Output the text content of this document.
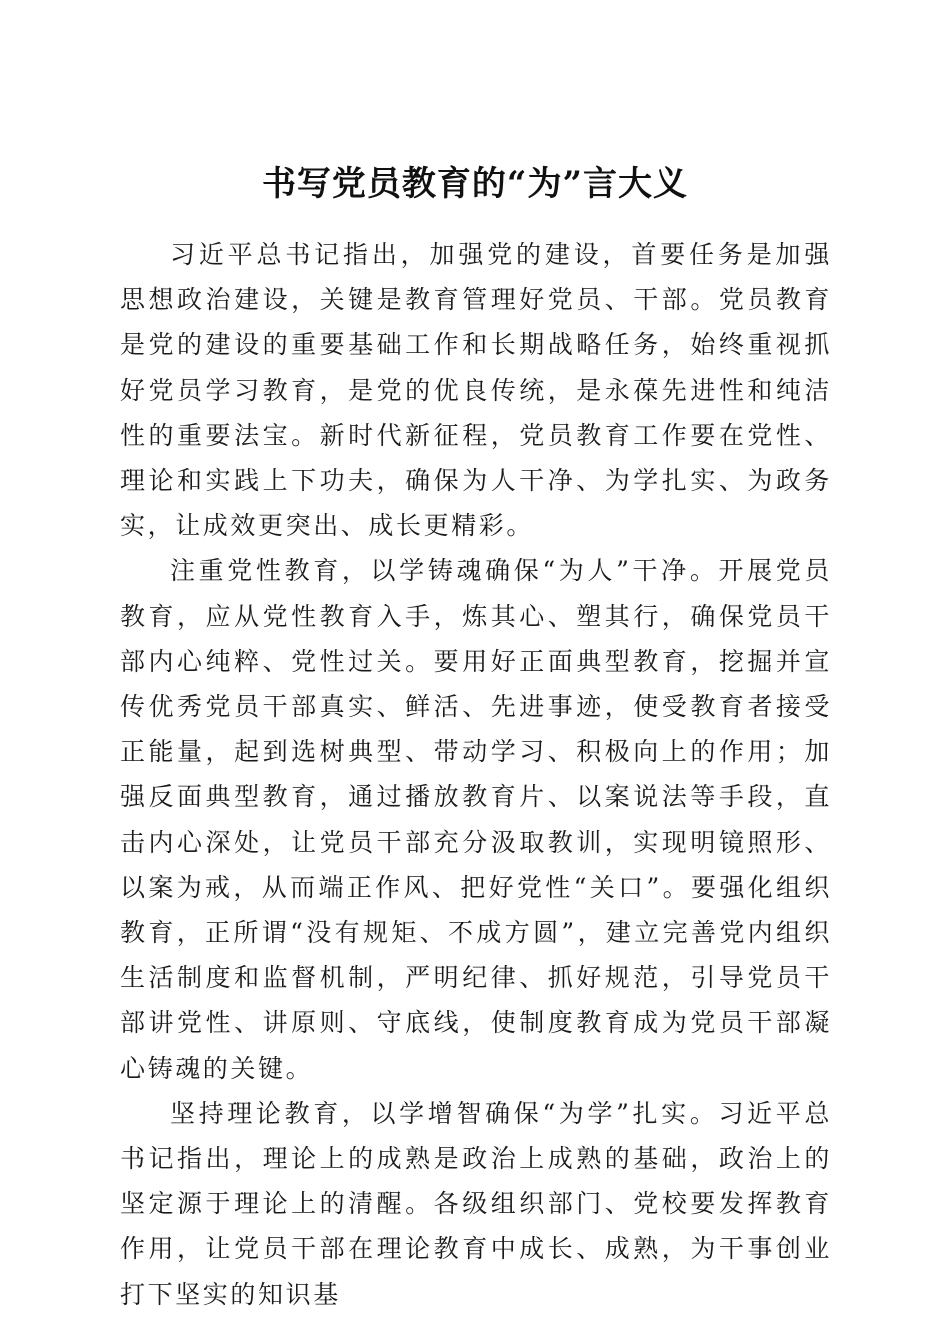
书写党员教育的“为”言大义

习近平总书记指出，加强党的建设，首要任务是加强思想政治建设，关键是教育管理好党员、干部。党员教育是党的建设的重要基础工作和长期战略任务，始终重视抓好党员学习教育，是党的优良传统，是永葆先进性和纯洁性的重要法宝。新时代新征程，党员教育工作要在党性、理论和实践上下功夫，确保为人干净、为学扎实、为政务实，让成效更突出、成长更精彩。

注重党性教育，以学铸魂确保“为人”干净。开展党员教育，应从党性教育入手，炼其心、塑其行，确保党员干部内心纯粹、党性过关。要用好正面典型教育，挖掘并宣传优秀党员干部真实、鲜活、先进事迹，使受教育者接受正能量，起到选树典型、带动学习、积极向上的作用；加强反面典型教育，通过播放教育片、以案说法等手段，直击内心深处，让党员干部充分汲取教训，实现明镜照形、以案为戒，从而端正作风、把好党性“关口”。要强化组织教育，正所谓“没有规矩、不成方圆”，建立完善党内组织生活制度和监督机制，严明纪律、抓好规范，引导党员干部讲党性、讲原则、守底线，使制度教育成为党员干部凝心铸魂的关键。

坚持理论教育，以学增智确保“为学”扎实。习近平总书记指出，理论上的成熟是政治上成熟的基础，政治上的坚定源于理论上的清醒。各级组织部门、党校要发挥教育作用，让党员干部在理论教育中成长、成熟，为干事创业打下坚实的知识基
